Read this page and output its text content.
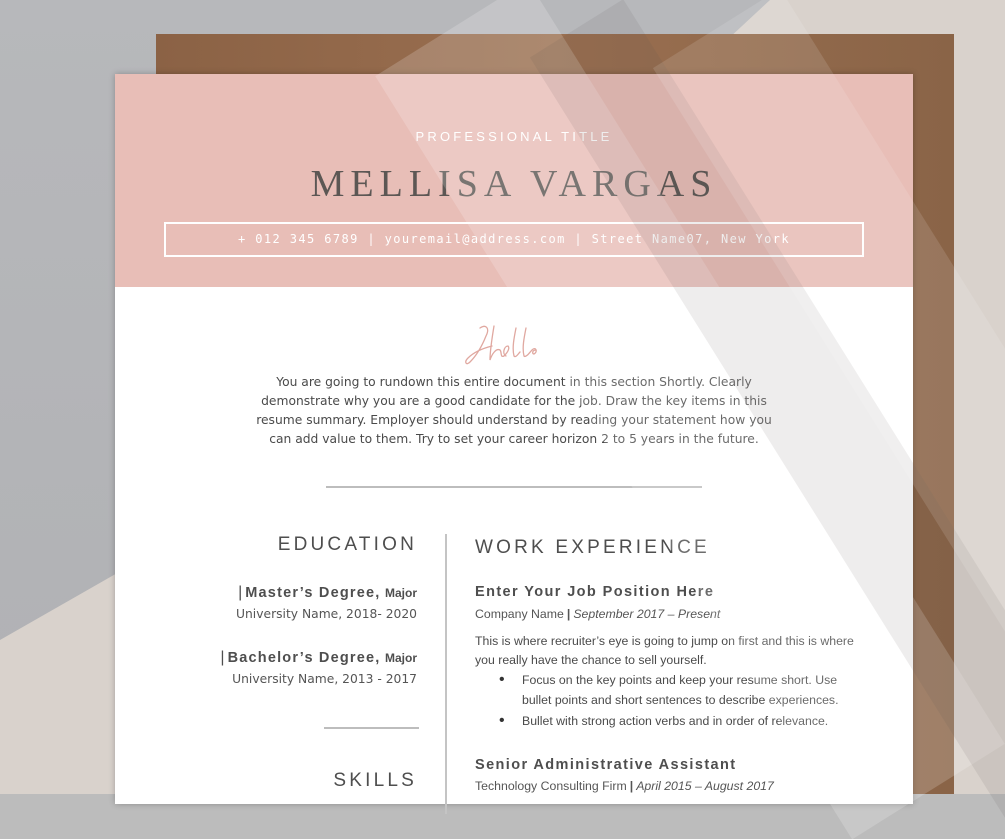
PROFESSIONAL TITLE
MELLISA VARGAS
+ 012 345 6789 | youremail@address.com | Street Name07, New York
You are going to rundown this entire document in this section Shortly. Clearly demonstrate why you are a good candidate for the job. Draw the key items in this resume summary. Employer should understand by reading your statement how you can add value to them. Try to set your career horizon 2 to 5 years in the future.
EDUCATION
| Master’s Degree, Major
University Name, 2018- 2020
| Bachelor’s Degree, Major
University Name, 2013 - 2017
SKILLS
WORK EXPERIENCE
Enter Your Job Position Here
Company Name | September 2017 – Present
This is where recruiter’s eye is going to jump on first and this is where you really have the chance to sell yourself.
• Focus on the key points and keep your resume short. Use bullet points and short sentences to describe experiences.
• Bullet with strong action verbs and in order of relevance.
Senior Administrative Assistant
Technology Consulting Firm | April 2015 – August 2017
